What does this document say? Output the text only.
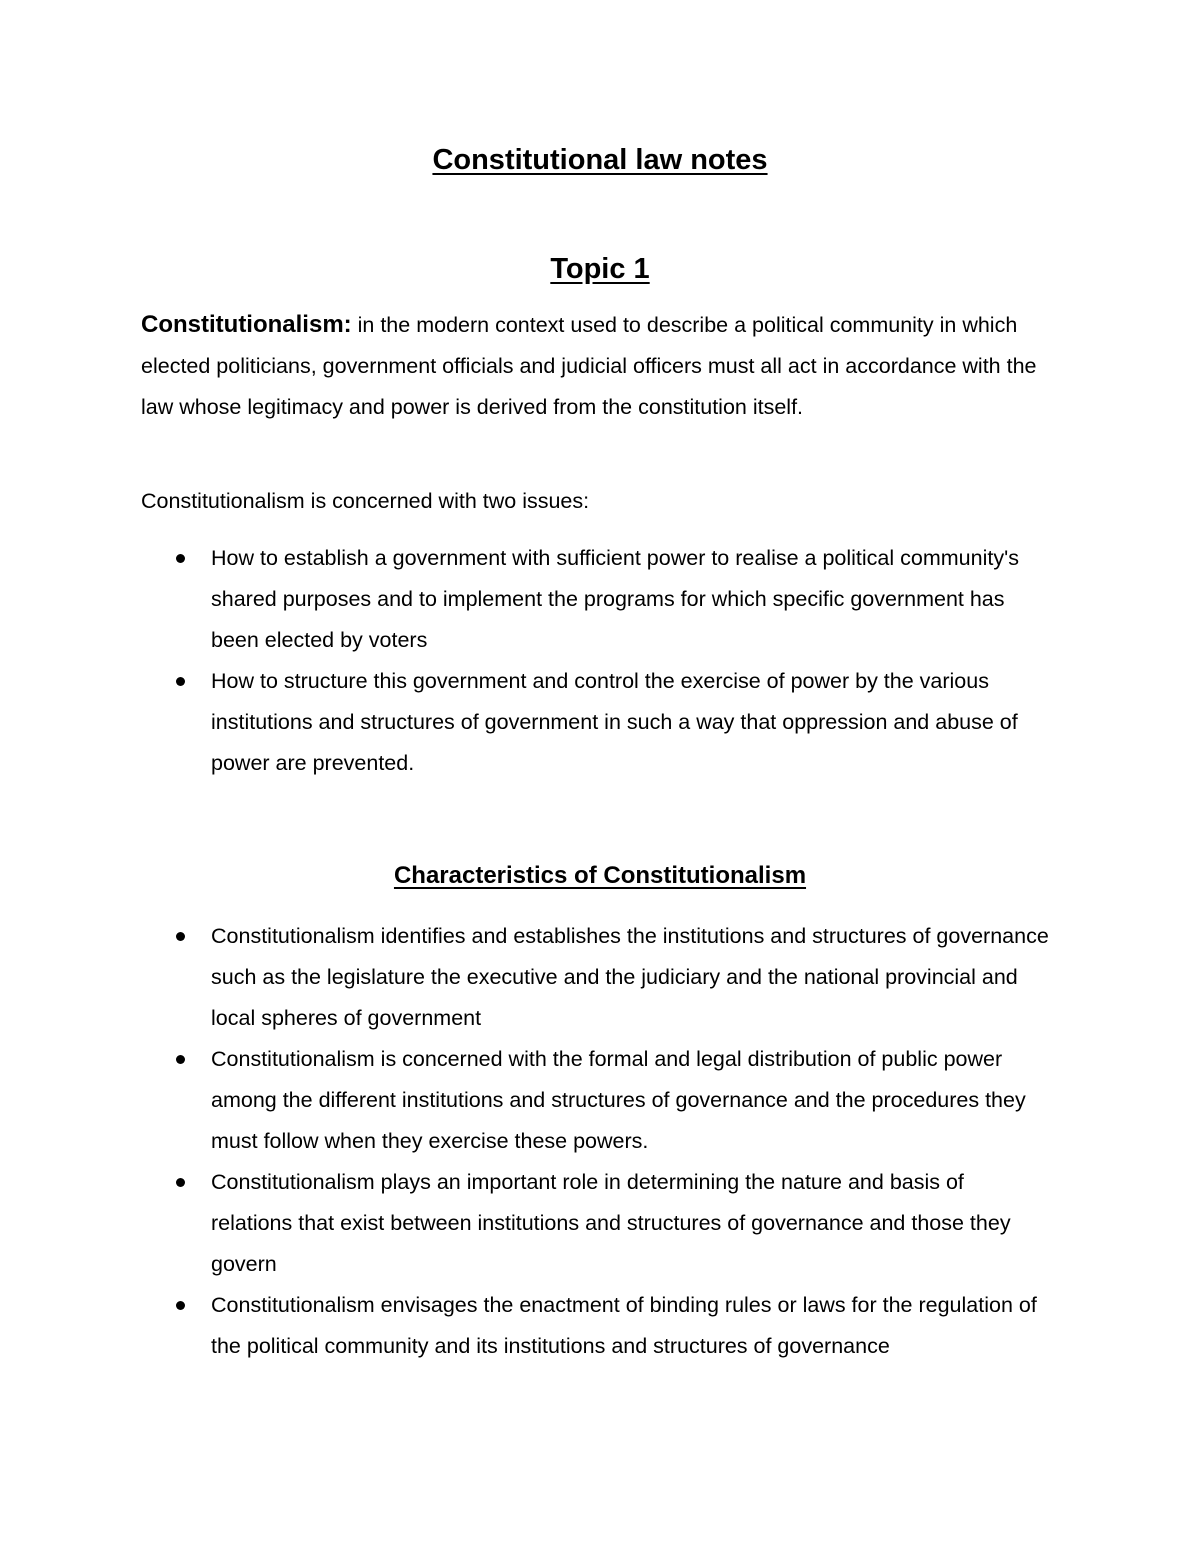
Constitutional law notes
Topic 1

Constitutionalism: in the modern context used to describe a political community in which elected politicians, government officials and judicial officers must all act in accordance with the law whose legitimacy and power is derived from the constitution itself.

Constitutionalism is concerned with two issues:

How to establish a government with sufficient power to realise a political community's shared purposes and to implement the programs for which specific government has been elected by voters
How to structure this government and control the exercise of power by the various institutions and structures of government in such a way that oppression and abuse of power are prevented.
Characteristics of Constitutionalism
Constitutionalism identifies and establishes the institutions and structures of governance such as the legislature the executive and the judiciary and the national provincial and local spheres of government
Constitutionalism is concerned with the formal and legal distribution of public power among the different institutions and structures of governance and the procedures they must follow when they exercise these powers.
Constitutionalism plays an important role in determining the nature and basis of relations that exist between institutions and structures of governance and those they govern
Constitutionalism envisages the enactment of binding rules or laws for the regulation of the political community and its institutions and structures of governance
